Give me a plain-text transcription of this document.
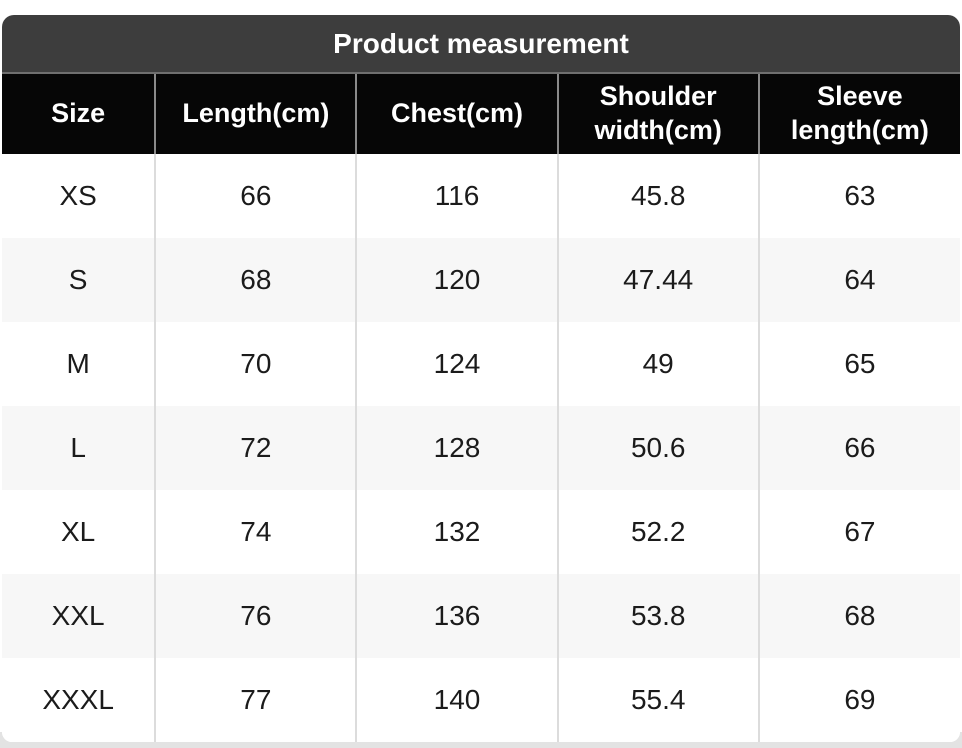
Product measurement
Size	Length(cm)	Chest(cm)	Shoulder width(cm)	Sleeve length(cm)
XS	66	116	45.8	63
S	68	120	47.44	64
M	70	124	49	65
L	72	128	50.6	66
XL	74	132	52.2	67
XXL	76	136	53.8	68
XXXL	77	140	55.4	69
